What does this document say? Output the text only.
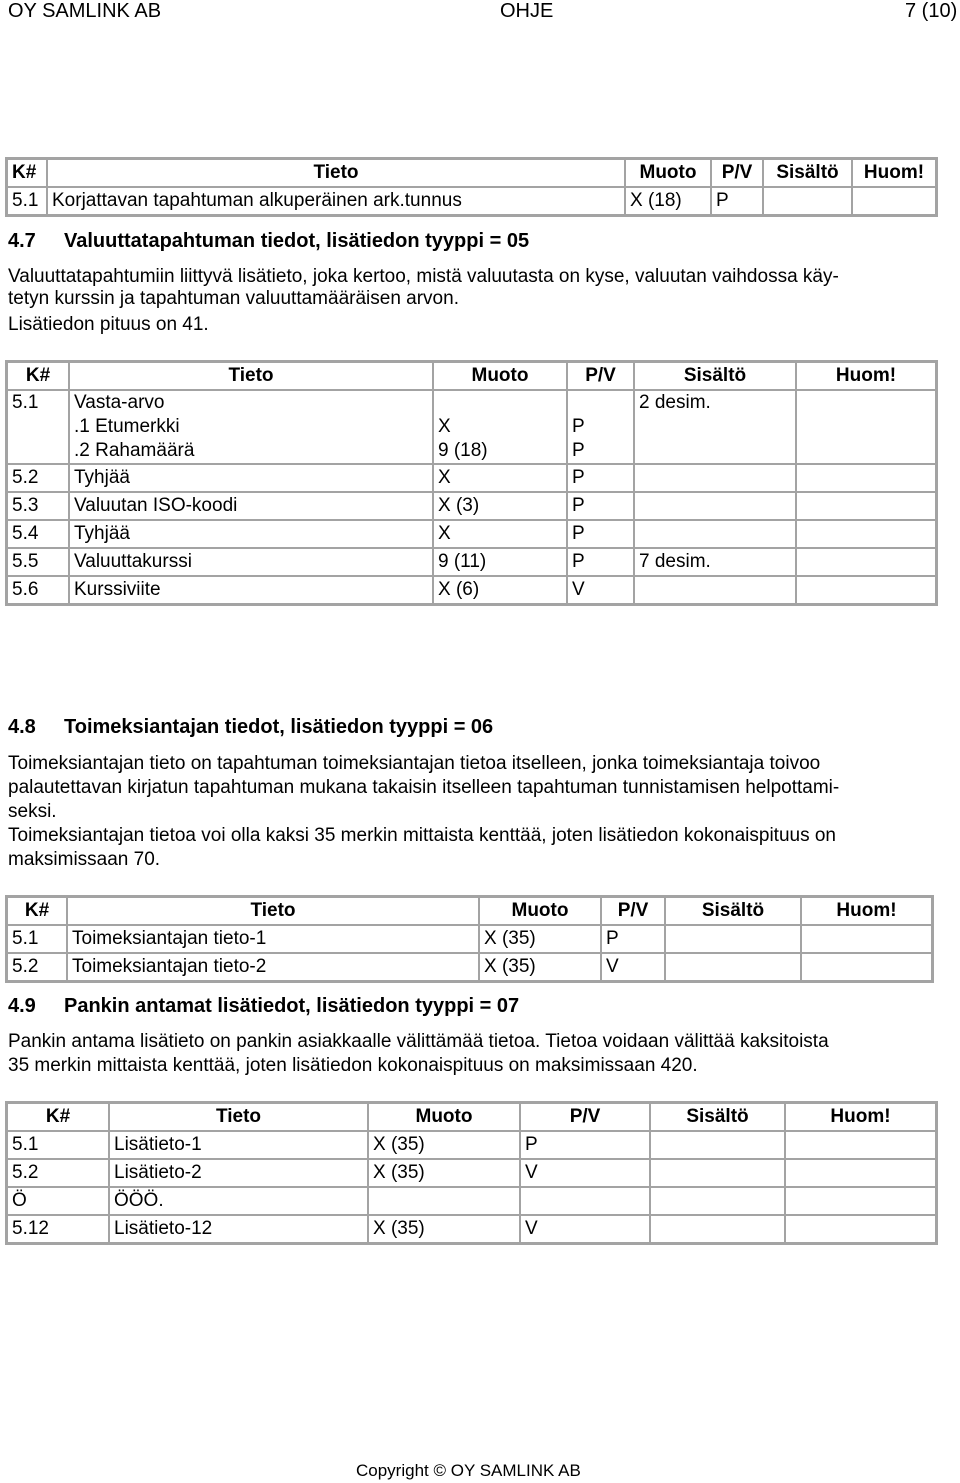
OY SAMLINK AB	OHJE	7 (10)
K#	Tieto	Muoto	P/V	Sisältö	Huom!
5.1	Korjattavan tapahtuman alkuperäinen ark.tunnus	X (18)	P		
4.7 Valuuttatapahtuman tiedot, lisätiedon tyyppi = 05
Valuuttatapahtumiin liittyvä lisätieto, joka kertoo, mistä valuutasta on kyse, valuutan vaihdossa käy-
tetyn kurssin ja tapahtuman valuuttamääräisen arvon.
Lisätiedon pituus on 41.
K#	Tieto	Muoto	P/V	Sisältö	Huom!
5.1	Vasta-arvo			2 desim.	
	.1 Etumerkki	X	P		
	.2 Rahamäärä	9 (18)	P		
5.2	Tyhjää	X	P		
5.3	Valuutan ISO-koodi	X (3)	P		
5.4	Tyhjää	X	P		
5.5	Valuuttakurssi	9 (11)	P	7 desim.	
5.6	Kurssiviite	X (6)	V		
4.8 Toimeksiantajan tiedot, lisätiedon tyyppi = 06
Toimeksiantajan tieto on tapahtuman toimeksiantajan tietoa itselleen, jonka toimeksiantaja toivoo
palautettavan kirjatun tapahtuman mukana takaisin itselleen tapahtuman tunnistamisen helpottami-
seksi.
Toimeksiantajan tietoa voi olla kaksi 35 merkin mittaista kenttää, joten lisätiedon kokonaispituus on
maksimissaan 70.
K#	Tieto	Muoto	P/V	Sisältö	Huom!
5.1	Toimeksiantajan tieto-1	X (35)	P		
5.2	Toimeksiantajan tieto-2	X (35)	V		
4.9 Pankin antamat lisätiedot, lisätiedon tyyppi = 07
Pankin antama lisätieto on pankin asiakkaalle välittämää tietoa. Tietoa voidaan välittää kaksitoista
35 merkin mittaista kenttää, joten lisätiedon kokonaispituus on maksimissaan 420.
K#	Tieto	Muoto	P/V	Sisältö	Huom!
5.1	Lisätieto-1	X (35)	P		
5.2	Lisätieto-2	X (35)	V		
Ö	ÖÖÖ.				
5.12	Lisätieto-12	X (35)	V		
Copyright © OY SAMLINK AB
